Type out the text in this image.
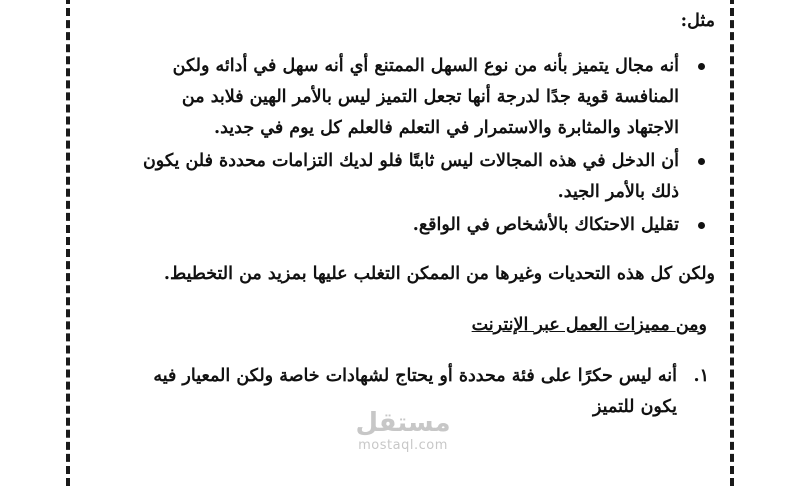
مثل:

أنه مجال يتميز بأنه من نوع السهل الممتنع أي أنه سهل في أدائه ولكن المنافسة قوية جدًا لدرجة أنها تجعل التميز ليس بالأمر الهين فلابد من الاجتهاد والمثابرة والاستمرار في التعلم فالعلم كل يوم في جديد.
أن الدخل في هذه المجالات ليس ثابتًا فلو لديك التزامات محددة فلن يكون ذلك بالأمر الجيد.
تقليل الاحتكاك بالأشخاص في الواقع.

ولكن كل هذه التحديات وغيرها من الممكن التغلب عليها بمزيد من التخطيط.

ومن مميزات العمل عبر الإنترنت

١.
أنه ليس حكرًا على فئة محددة أو يحتاج لشهادات خاصة ولكن المعيار فيه يكون للتميز
مستقل
mostaql.com
